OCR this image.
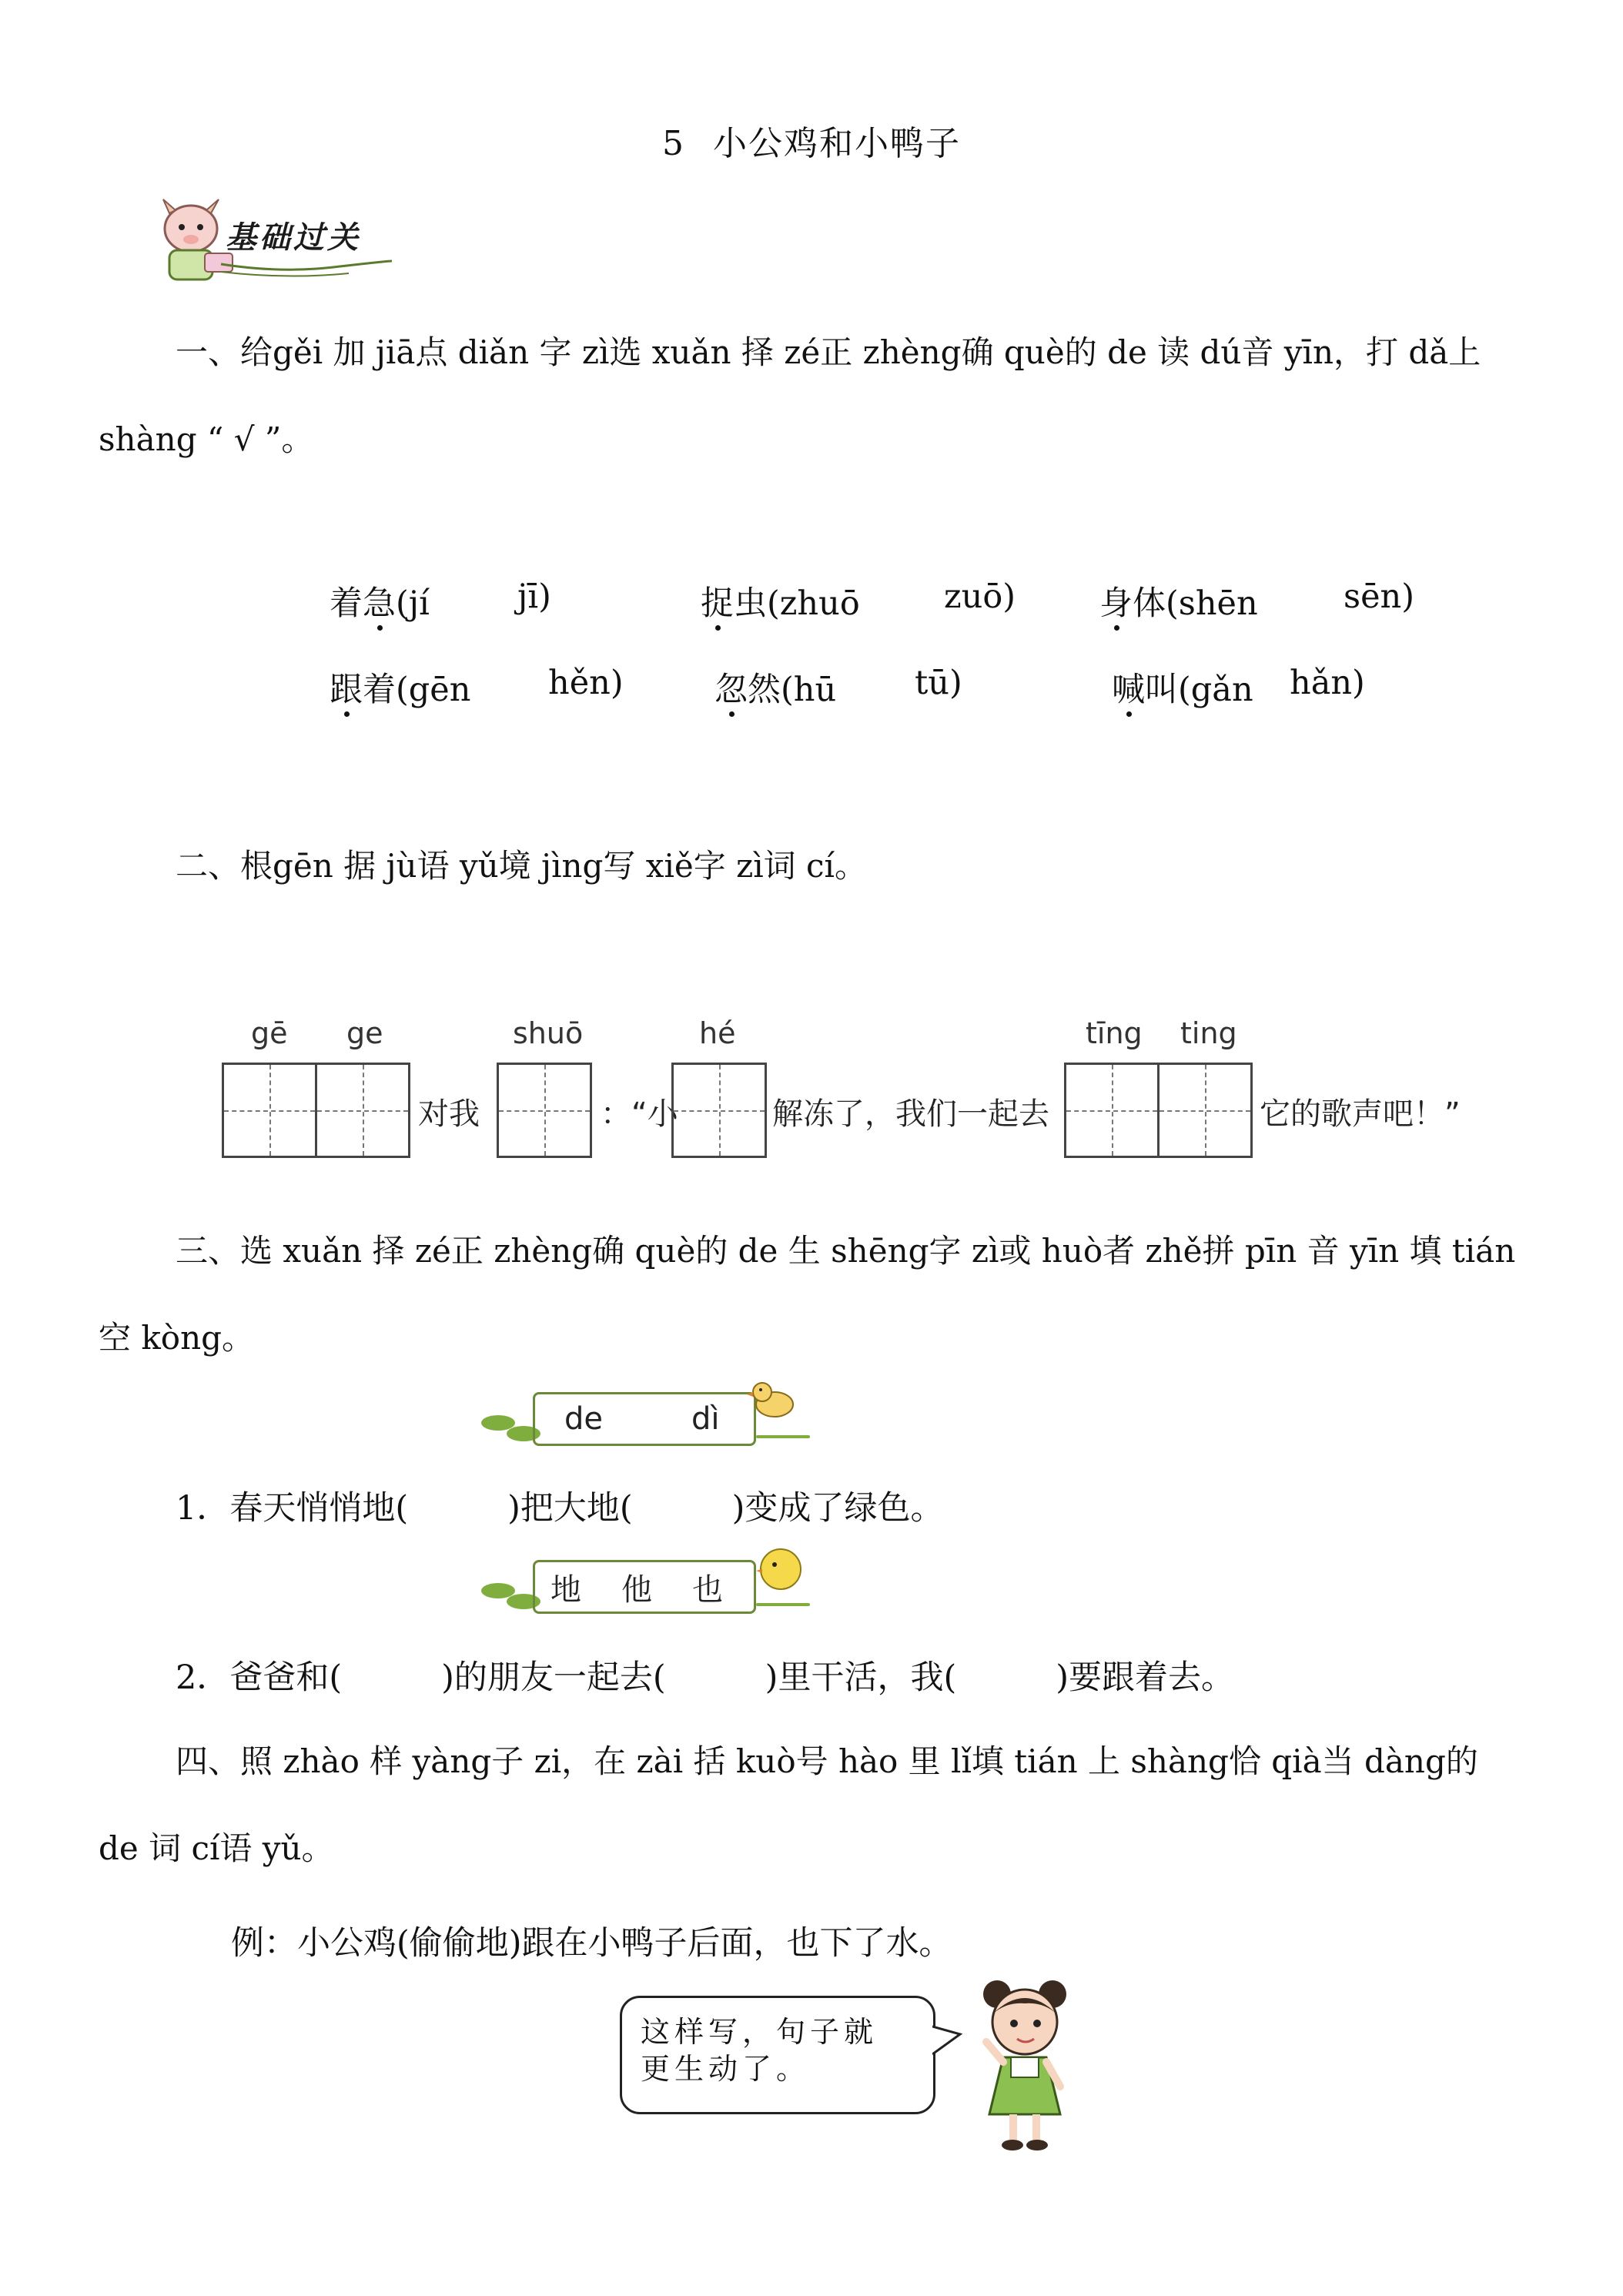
5 小公鸡和小鸭子
基础过关
一、给gěi 加 jiā点 diǎn 字 zì选 xuǎn 择 zé正 zhèng确 què的 de 读 dú音 yīn，打 dǎ上
shàng “ √ ”。
着急(jí	jī)	捉虫(zhuō	zuō)	身体(shēn	sēn)
跟着(gēn hěn)	忽然(hū tū)	喊叫(gǎn hǎn)
二、根gēn 据 jù语 yǔ境 jìng写 xiě字 zì词 cí。
gē ge
对我
shuō
：“小
hé
解冻了，我们一起去
tīng ting
它的歌声吧！”
三、选 xuǎn 择 zé正 zhèng确 què的 de 生 shēng字 zì或 huò者 zhě拼 pīn 音 yīn 填 tián
空 kòng。
de	dì
1．春天悄悄地(　　　)把大地(　　　)变成了绿色。
地 他 也
2．爸爸和(　　　)的朋友一起去(　　　)里干活，我(　　　)要跟着去。
四、照 zhào 样 yàng子 zi，在 zài 括 kuò号 hào 里 lǐ填 tián 上 shàng恰 qià当 dàng的
de 词 cí语 yǔ。
例：小公鸡(偷偷地)跟在小鸭子后面，也下了水。
这样写，句子就
更生动了。
